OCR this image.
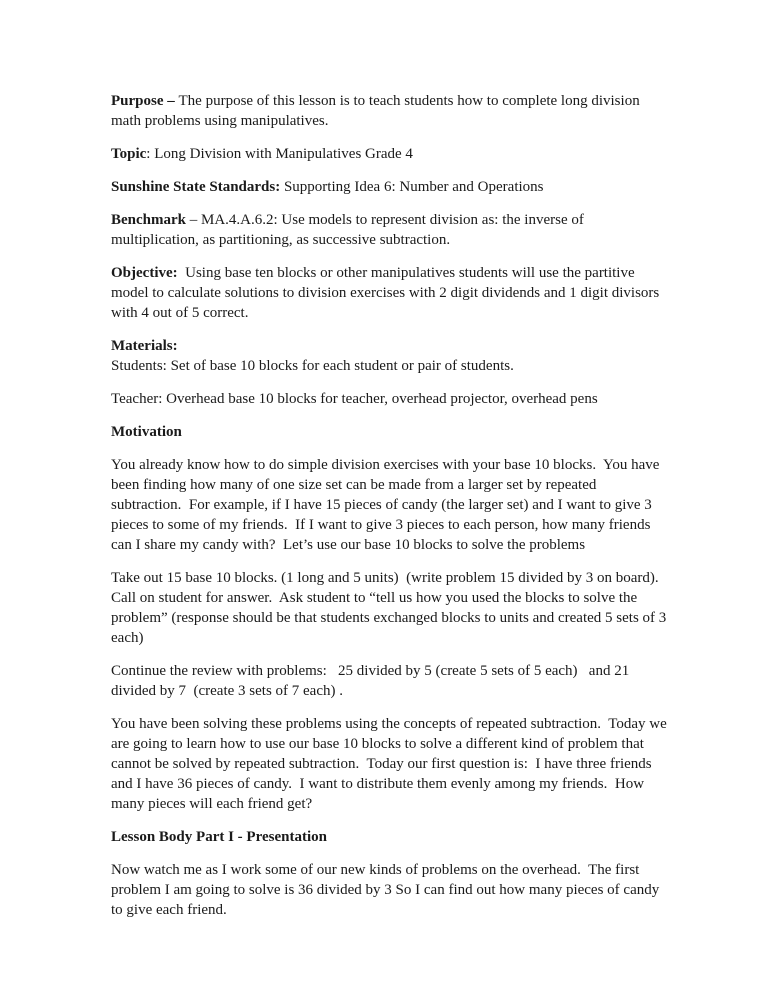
Purpose – The purpose of this lesson is to teach students how to complete long division math problems using manipulatives.

Topic: Long Division with Manipulatives Grade 4

Sunshine State Standards: Supporting Idea 6: Number and Operations

Benchmark – MA.4.A.6.2: Use models to represent division as: the inverse of multiplication, as partitioning, as successive subtraction.

Objective:  Using base ten blocks or other manipulatives students will use the partitive model to calculate solutions to division exercises with 2 digit dividends and 1 digit divisors with 4 out of 5 correct.

Materials:

Students: Set of base 10 blocks for each student or pair of students.

Teacher: Overhead base 10 blocks for teacher, overhead projector, overhead pens

Motivation

You already know how to do simple division exercises with your base 10 blocks.  You have been finding how many of one size set can be made from a larger set by repeated subtraction.  For example, if I have 15 pieces of candy (the larger set) and I want to give 3 pieces to some of my friends.  If I want to give 3 pieces to each person, how many friends can I share my candy with?  Let’s use our base 10 blocks to solve the problems

Take out 15 base 10 blocks. (1 long and 5 units)  (write problem 15 divided by 3 on board). Call on student for answer.  Ask student to “tell us how you used the blocks to solve the problem” (response should be that students exchanged blocks to units and created 5 sets of 3 each)

Continue the review with problems:   25 divided by 5 (create 5 sets of 5 each)   and 21 divided by 7  (create 3 sets of 7 each) .

You have been solving these problems using the concepts of repeated subtraction.  Today we are going to learn how to use our base 10 blocks to solve a different kind of problem that cannot be solved by repeated subtraction.  Today our first question is:  I have three friends and I have 36 pieces of candy.  I want to distribute them evenly among my friends.  How many pieces will each friend get?

Lesson Body Part I - Presentation

Now watch me as I work some of our new kinds of problems on the overhead.  The first problem I am going to solve is 36 divided by 3 So I can find out how many pieces of candy to give each friend.
